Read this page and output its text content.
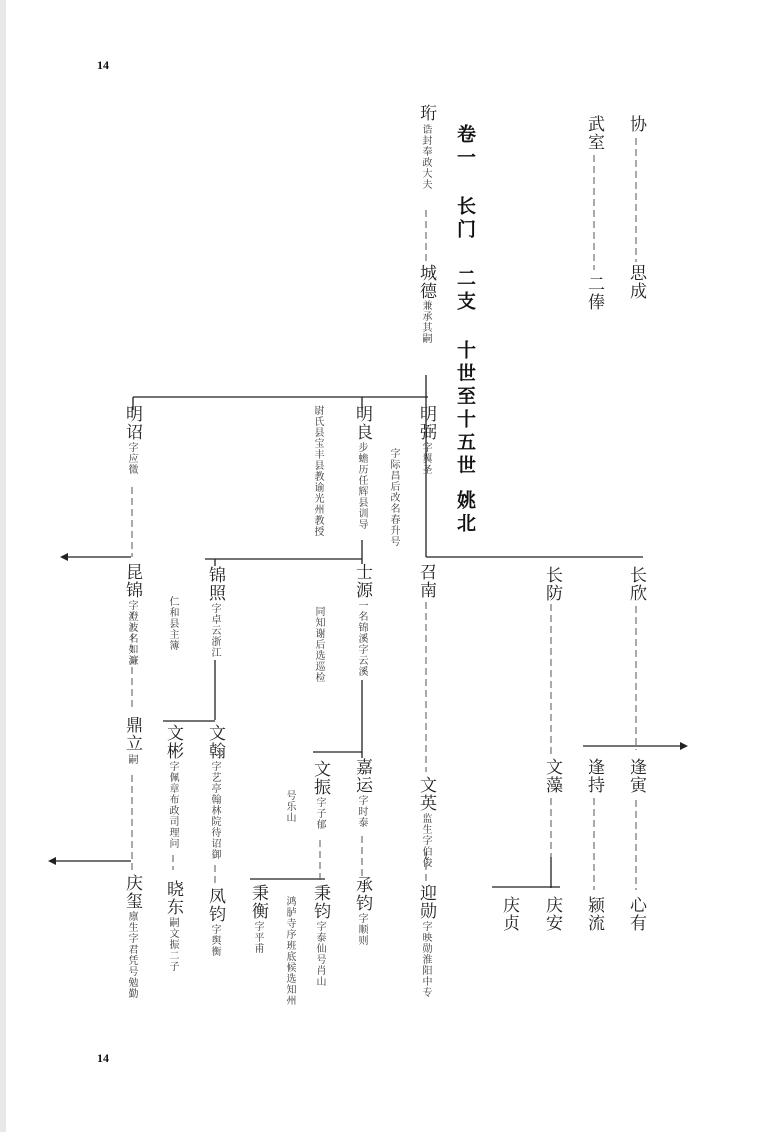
14
14
卷一 长门 二支 十世至十五世姚北
协
思成
武室
二俸
珩
诰封奉政大夫
城德
兼承其嗣
明诏
字应微	尉氏县宝丰县教谕光州教授 明良
步蟾历任辉县训导 字际昌后改名春升号
明弼
字翼圣
昆锦
字澄波名如濂	仁和县主簿
锦照
字卓云浙江	同知谢后选巡检
士源
一名锦溪字云溪
召南	长防	长欣
鼎立
嗣 文彬
字佩章布政司理问
文翰
字艺亭翰林院待诏御	号乐山
文振
字子郁
嘉运
字时泰	文英
监生字伯俊
文藻 逢持 逢寅
庆玺
廪生字君凭号勉勤
晓东
嗣文振二子
凤钧
字舆衡
秉衡
字平甫 鸿胪寺序班底候选知州 秉钧
字泰仙号肖山
承钧
字顺则
迎勋
字映勋淮阳中专
庆贞 庆安 颍流 心有
